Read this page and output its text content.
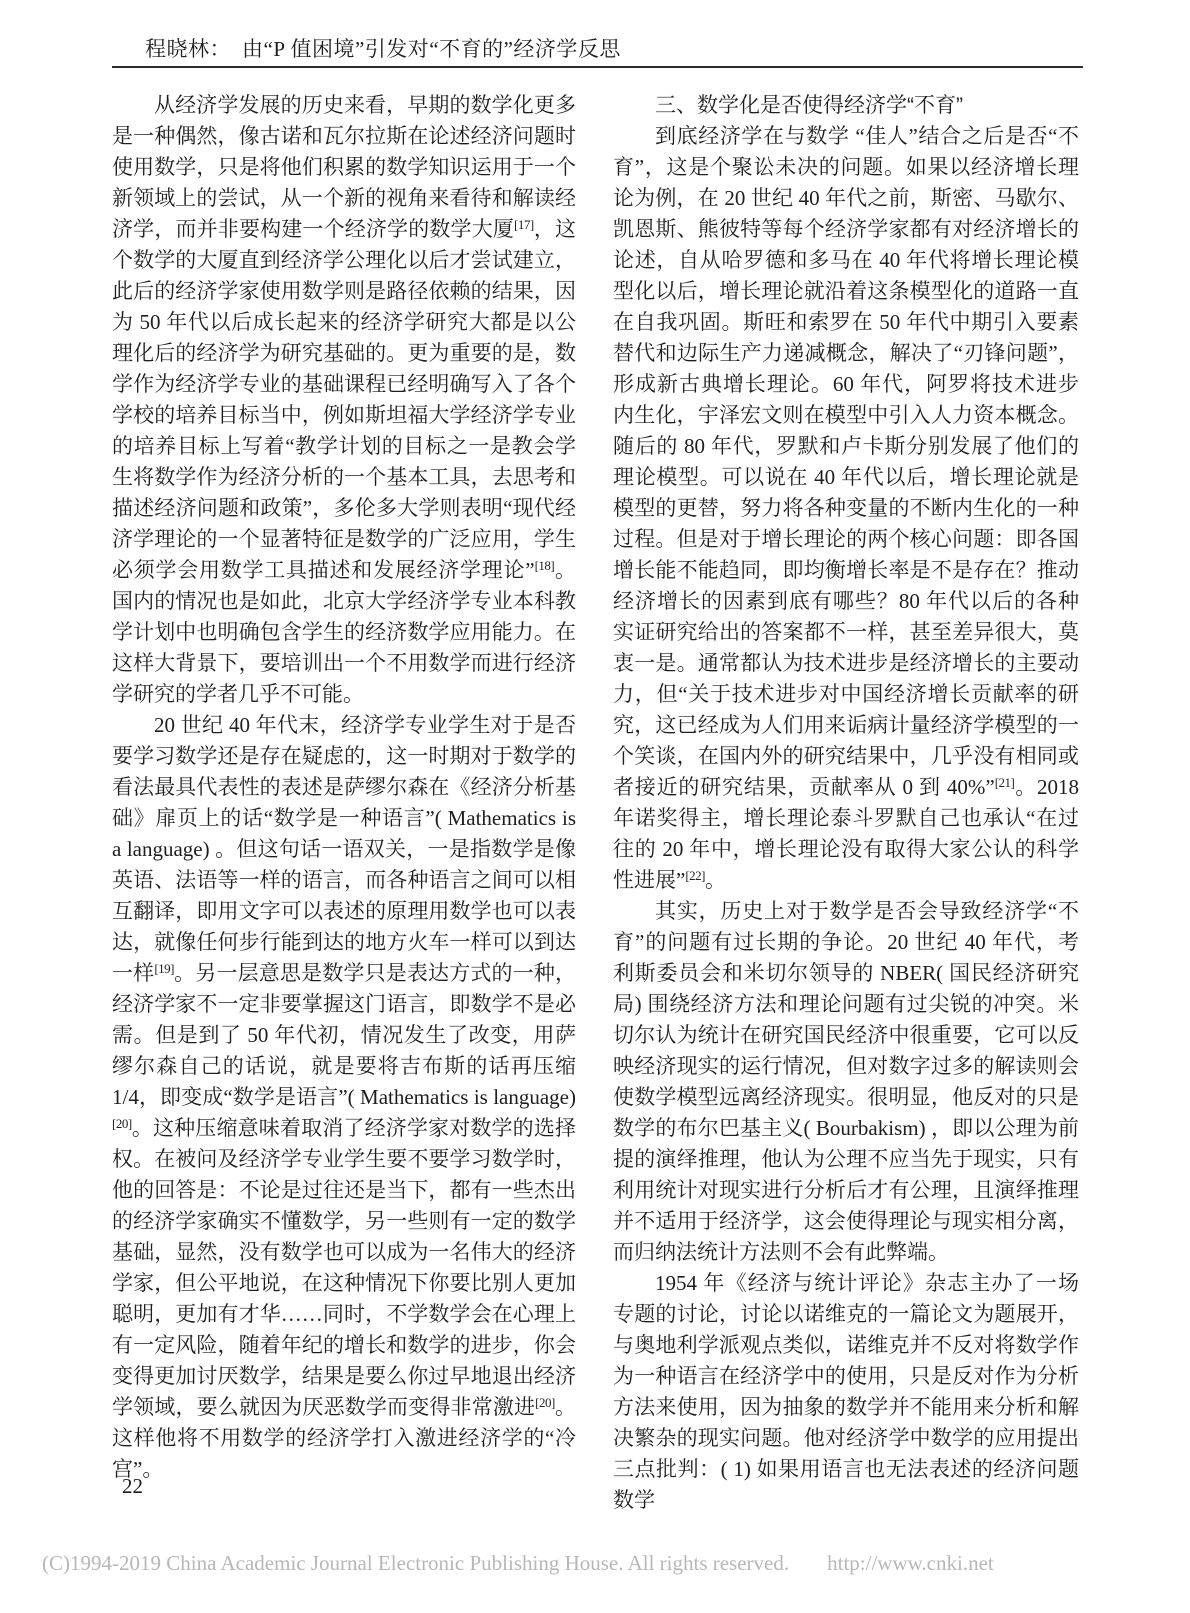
程晓林：　由“P 值困境”引发对“不育的”经济学反思

从经济学发展的历史来看，早期的数学化更多是一种偶然，像古诺和瓦尔拉斯在论述经济问题时使用数学，只是将他们积累的数学知识运用于一个新领域上的尝试，从一个新的视角来看待和解读经济学，而并非要构建一个经济学的数学大厦[17]，这个数学的大厦直到经济学公理化以后才尝试建立，此后的经济学家使用数学则是路径依赖的结果，因为 50 年代以后成长起来的经济学研究大都是以公理化后的经济学为研究基础的。更为重要的是，数学作为经济学专业的基础课程已经明确写入了各个学校的培养目标当中，例如斯坦福大学经济学专业的培养目标上写着“教学计划的目标之一是教会学生将数学作为经济分析的一个基本工具，去思考和描述经济问题和政策”，多伦多大学则表明“现代经济学理论的一个显著特征是数学的广泛应用，学生必须学会用数学工具描述和发展经济学理论”[18]。国内的情况也是如此，北京大学经济学专业本科教学计划中也明确包含学生的经济数学应用能力。在这样大背景下，要培训出一个不用数学而进行经济学研究的学者几乎不可能。

20 世纪 40 年代末，经济学专业学生对于是否要学习数学还是存在疑虑的，这一时期对于数学的看法最具代表性的表述是萨缪尔森在《经济分析基础》扉页上的话“数学是一种语言”( Mathematics is a language) 。但这句话一语双关，一是指数学是像英语、法语等一样的语言，而各种语言之间可以相互翻译，即用文字可以表述的原理用数学也可以表达，就像任何步行能到达的地方火车一样可以到达一样[19]。另一层意思是数学只是表达方式的一种，经济学家不一定非要掌握这门语言，即数学不是必需。但是到了 50 年代初，情况发生了改变，用萨缪尔森自己的话说，就是要将吉布斯的话再压缩 1/4，即变成“数学是语言”( Mathematics is language)[20]。这种压缩意味着取消了经济学家对数学的选择权。在被问及经济学专业学生要不要学习数学时，他的回答是：不论是过往还是当下，都有一些杰出的经济学家确实不懂数学，另一些则有一定的数学基础，显然，没有数学也可以成为一名伟大的经济学家，但公平地说，在这种情况下你要比别人更加聪明，更加有才华……同时，不学数学会在心理上有一定风险，随着年纪的增长和数学的进步，你会变得更加讨厌数学，结果是要么你过早地退出经济学领域，要么就因为厌恶数学而变得非常激进[20]。这样他将不用数学的经济学打入激进经济学的“冷宫”。

三、数学化是否使得经济学“不育”

到底经济学在与数学 “佳人”结合之后是否“不育”，这是个聚讼未决的问题。如果以经济增长理论为例，在 20 世纪 40 年代之前，斯密、马歇尔、凯恩斯、熊彼特等每个经济学家都有对经济增长的论述，自从哈罗德和多马在 40 年代将增长理论模型化以后，增长理论就沿着这条模型化的道路一直在自我巩固。斯旺和索罗在 50 年代中期引入要素替代和边际生产力递减概念，解决了“刃锋问题”，形成新古典增长理论。60 年代，阿罗将技术进步内生化，宇泽宏文则在模型中引入人力资本概念。随后的 80 年代，罗默和卢卡斯分别发展了他们的理论模型。可以说在 40 年代以后，增长理论就是模型的更替，努力将各种变量的不断内生化的一种过程。但是对于增长理论的两个核心问题：即各国增长能不能趋同，即均衡增长率是不是存在？推动经济增长的因素到底有哪些？80 年代以后的各种实证研究给出的答案都不一样，甚至差异很大，莫衷一是。通常都认为技术进步是经济增长的主要动力，但“关于技术进步对中国经济增长贡献率的研究，这已经成为人们用来诟病计量经济学模型的一个笑谈，在国内外的研究结果中，几乎没有相同或者接近的研究结果，贡献率从 0 到 40%”[21]。2018 年诺奖得主，增长理论泰斗罗默自己也承认“在过往的 20 年中，增长理论没有取得大家公认的科学性进展”[22]。

其实，历史上对于数学是否会导致经济学“不育”的问题有过长期的争论。20 世纪 40 年代，考利斯委员会和米切尔领导的 NBER( 国民经济研究局) 围绕经济方法和理论问题有过尖锐的冲突。米切尔认为统计在研究国民经济中很重要，它可以反映经济现实的运行情况，但对数字过多的解读则会使数学模型远离经济现实。很明显，他反对的只是数学的布尔巴基主义( Bourbakism) ，即以公理为前提的演绎推理，他认为公理不应当先于现实，只有利用统计对现实进行分析后才有公理，且演绎推理并不适用于经济学，这会使得理论与现实相分离，而归纳法统计方法则不会有此弊端。

1954 年《经济与统计评论》杂志主办了一场专题的讨论，讨论以诺维克的一篇论文为题展开，与奥地利学派观点类似，诺维克并不反对将数学作为一种语言在经济学中的使用，只是反对作为分析方法来使用，因为抽象的数学并不能用来分析和解决繁杂的现实问题。他对经济学中数学的应用提出三点批判：( 1) 如果用语言也无法表述的经济问题数学

22
(C)1994-2019 China Academic Journal Electronic Publishing House. All rights reserved. http://www.cnki.net
